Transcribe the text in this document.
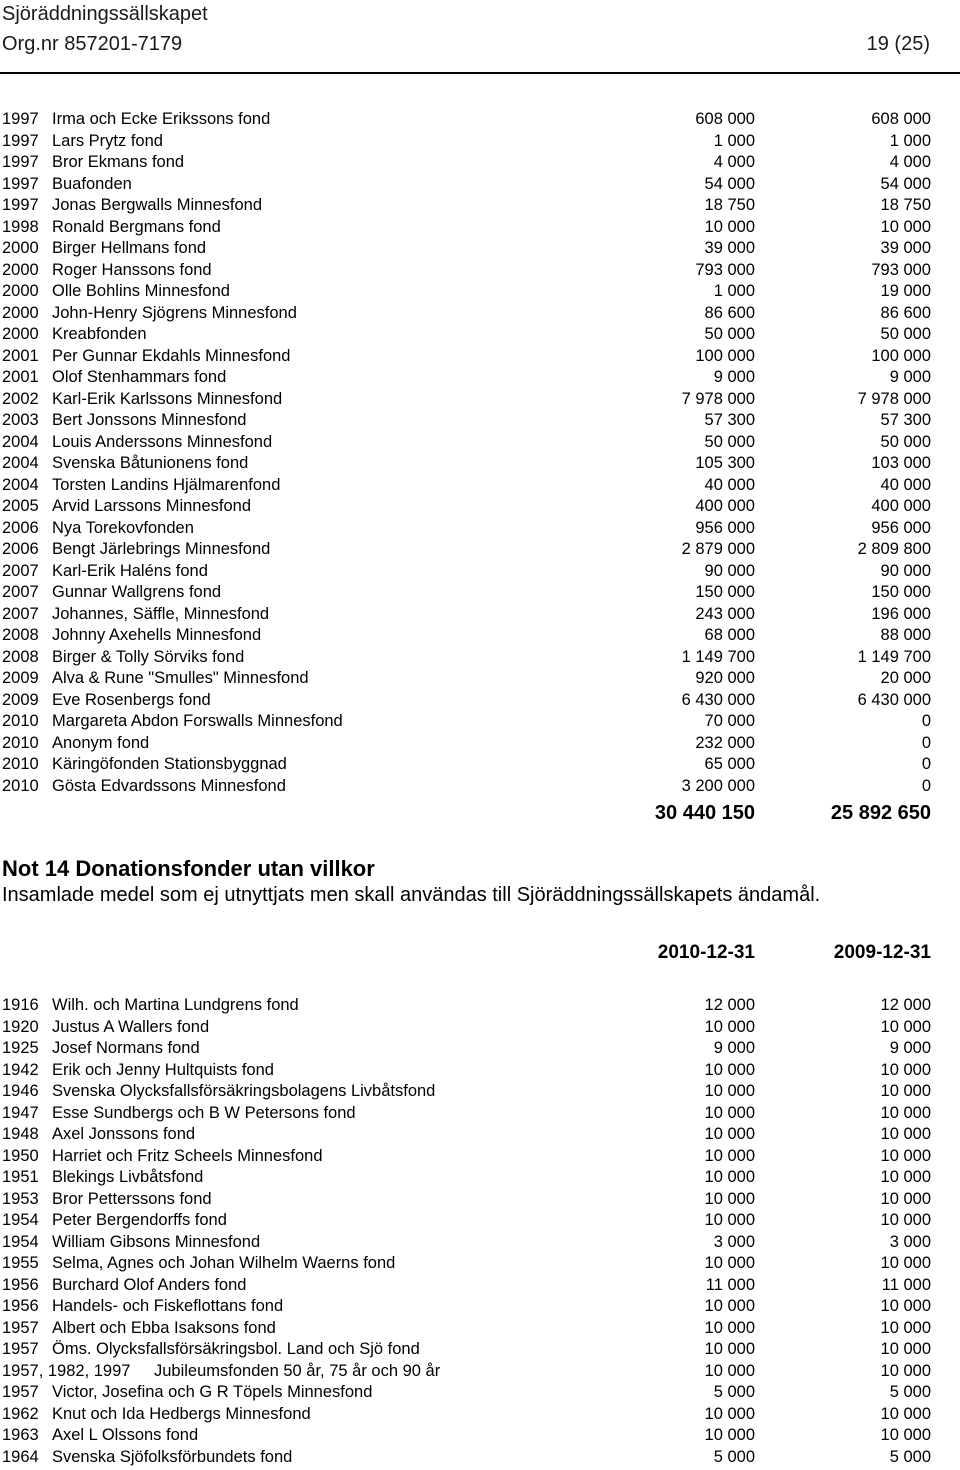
Sjöräddningssällskapet
Org.nr 857201-7179	19 (25)
1997 Irma och Ecke Erikssons fond	608 000	608 000
1997 Lars Prytz fond	1 000	1 000
1997 Bror Ekmans fond	4 000	4 000
1997 Buafonden	54 000	54 000
1997 Jonas Bergwalls Minnesfond	18 750	18 750
1998 Ronald Bergmans fond	10 000	10 000
2000 Birger Hellmans fond	39 000	39 000
2000 Roger Hanssons fond	793 000	793 000
2000 Olle Bohlins Minnesfond	1 000	19 000
2000 John-Henry Sjögrens Minnesfond	86 600	86 600
2000 Kreabfonden	50 000	50 000
2001 Per Gunnar Ekdahls Minnesfond	100 000	100 000
2001 Olof Stenhammars fond	9 000	9 000
2002 Karl-Erik Karlssons Minnesfond	7 978 000	7 978 000
2003 Bert Jonssons Minnesfond	57 300	57 300
2004 Louis Anderssons Minnesfond	50 000	50 000
2004 Svenska Båtunionens fond	105 300	103 000
2004 Torsten Landins Hjälmarenfond	40 000	40 000
2005 Arvid Larssons Minnesfond	400 000	400 000
2006 Nya Torekovfonden	956 000	956 000
2006 Bengt Järlebrings Minnesfond	2 879 000	2 809 800
2007 Karl-Erik Haléns fond	90 000	90 000
2007 Gunnar Wallgrens fond	150 000	150 000
2007 Johannes, Säffle, Minnesfond	243 000	196 000
2008 Johnny Axehells Minnesfond	68 000	88 000
2008 Birger & Tolly Sörviks fond	1 149 700	1 149 700
2009 Alva & Rune "Smulles" Minnesfond	920 000	20 000
2009 Eve Rosenbergs fond	6 430 000	6 430 000
2010 Margareta Abdon Forswalls Minnesfond	70 000	0
2010 Anonym fond	232 000	0
2010 Käringöfonden Stationsbyggnad	65 000	0
2010 Gösta Edvardssons Minnesfond	3 200 000	0
30 440 150	25 892 650
Not 14 Donationsfonder utan villkor
Insamlade medel som ej utnyttjats men skall användas till Sjöräddningssällskapets ändamål.
2010-12-31	2009-12-31
1916 Wilh. och Martina Lundgrens fond	12 000	12 000
1920 Justus A Wallers fond	10 000	10 000
1925 Josef Normans fond	9 000	9 000
1942 Erik och Jenny Hultquists fond	10 000	10 000
1946 Svenska Olycksfallsförsäkringsbolagens Livbåtsfond	10 000	10 000
1947 Esse Sundbergs och B W Petersons fond	10 000	10 000
1948 Axel Jonssons fond	10 000	10 000
1950 Harriet och Fritz Scheels Minnesfond	10 000	10 000
1951 Blekings Livbåtsfond	10 000	10 000
1953 Bror Petterssons fond	10 000	10 000
1954 Peter Bergendorffs fond	10 000	10 000
1954 William Gibsons Minnesfond	3 000	3 000
1955 Selma, Agnes och Johan Wilhelm Waerns fond	10 000	10 000
1956 Burchard Olof Anders fond	11 000	11 000
1956 Handels- och Fiskeflottans fond	10 000	10 000
1957 Albert och Ebba Isaksons fond	10 000	10 000
1957 Öms. Olycksfallsförsäkringsbol. Land och Sjö fond	10 000	10 000
1957, 1982, 1997 Jubileumsfonden 50 år, 75 år och 90 år	10 000	10 000
1957 Victor, Josefina och G R Töpels Minnesfond	5 000	5 000
1962 Knut och Ida Hedbergs Minnesfond	10 000	10 000
1963 Axel L Olssons fond	10 000	10 000
1964 Svenska Sjöfolksförbundets fond	5 000	5 000
